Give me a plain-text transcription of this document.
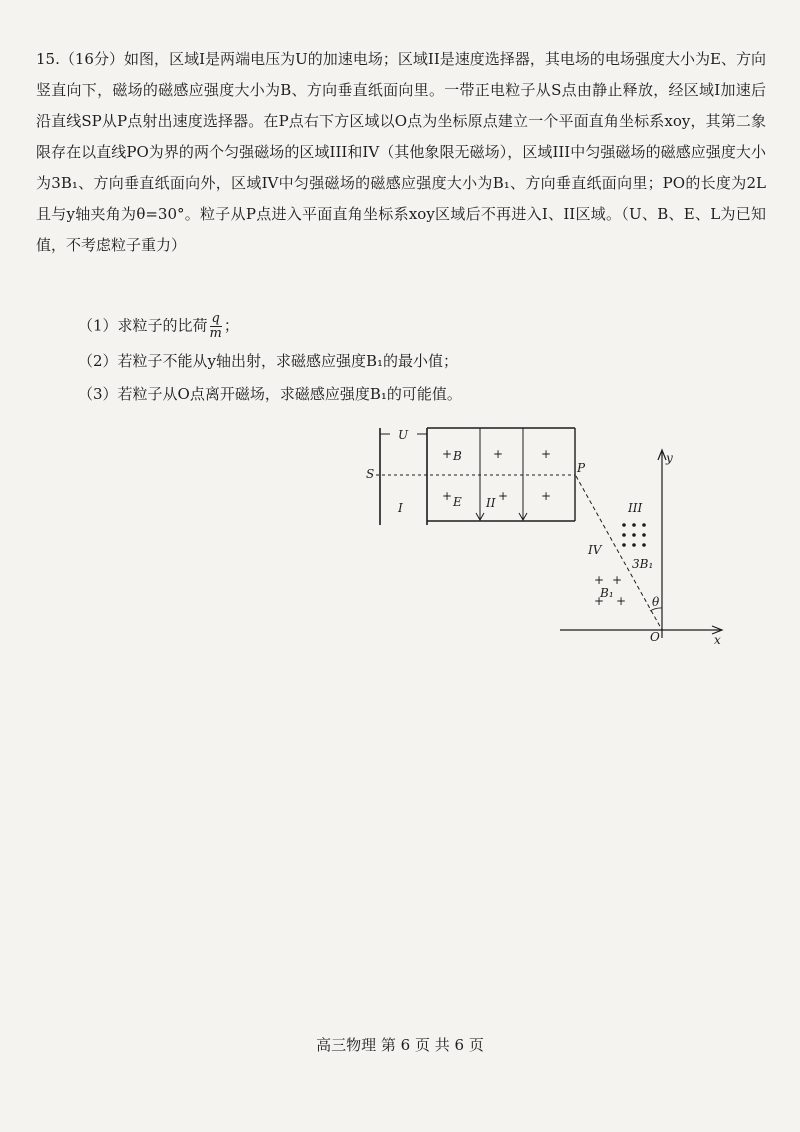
15.（16分）如图，区域I是两端电压为U的加速电场；区域II是速度选择器，其电场的电场强度大小为E、方向竖直向下，磁场的磁感应强度大小为B、方向垂直纸面向里。一带正电粒子从S点由静止释放，经区域I加速后沿直线SP从P点射出速度选择器。在P点右下方区域以O点为坐标原点建立一个平面直角坐标系xoy，其第二象限存在以直线PO为界的两个匀强磁场的区域III和IV（其他象限无磁场），区域III中匀强磁场的磁感应强度大小为3B₁、方向垂直纸面向外，区域IV中匀强磁场的磁感应强度大小为B₁、方向垂直纸面向里；PO的长度为2L且与y轴夹角为θ=30°。粒子从P点进入平面直角坐标系xoy区域后不再进入I、II区域。（U、B、E、L为已知值，不考虑粒子重力）

（1）求粒子的比荷 $\frac{q}{m}$ ；
（2）若粒子不能从y轴出射，求磁感应强度B₁的最小值；
（3）若粒子从O点离开磁场，求磁感应强度B₁的可能值。
U
I
S	P
+ B	+	+
+ E II +	+
y
x
O
θ
III
3B₁
IV
+ +
B₁
+ +
高三物理 第 6 页 共 6 页
